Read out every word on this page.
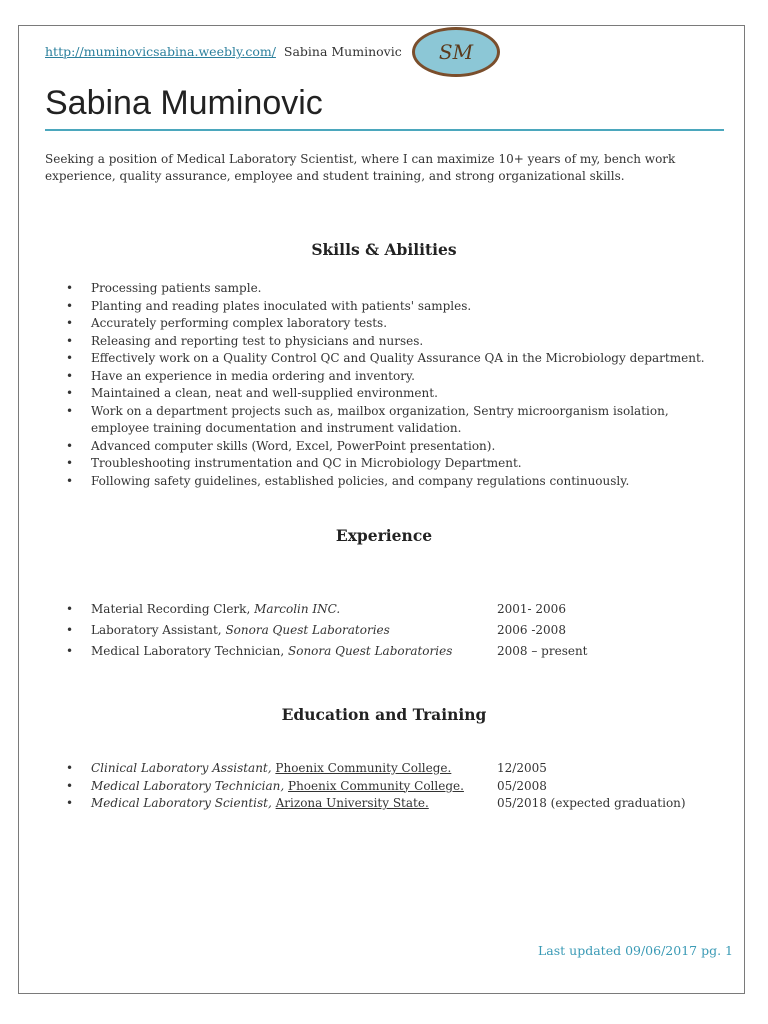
http://muminovicsabina.weebly.com/ Sabina Muminovic	SM
Sabina Muminovic
Seeking a position of Medical Laboratory Scientist, where I can maximize 10+ years of my, bench work experience, quality assurance, employee and student training, and strong organizational skills.
Skills & Abilities
• Processing patients sample.
• Planting and reading plates inoculated with patients' samples.
• Accurately performing complex laboratory tests.
• Releasing and reporting test to physicians and nurses.
• Effectively work on a Quality Control QC and Quality Assurance QA in the Microbiology department.
• Have an experience in media ordering and inventory.
• Maintained a clean, neat and well-supplied environment.
• Work on a department projects such as, mailbox organization, Sentry microorganism isolation, employee training documentation and instrument validation.
• Advanced computer skills (Word, Excel, PowerPoint presentation).
• Troubleshooting instrumentation and QC in Microbiology Department.
• Following safety guidelines, established policies, and company regulations continuously.
Experience
• Material Recording Clerk, Marcolin INC.	2001- 2006
• Laboratory Assistant, Sonora Quest Laboratories	2006 -2008
• Medical Laboratory Technician, Sonora Quest Laboratories	2008 – present
Education and Training
• Clinical Laboratory Assistant, Phoenix Community College.	12/2005
• Medical Laboratory Technician, Phoenix Community College.	05/2008
• Medical Laboratory Scientist, Arizona University State.	05/2018 (expected graduation)
Last updated 09/06/2017 pg. 1
